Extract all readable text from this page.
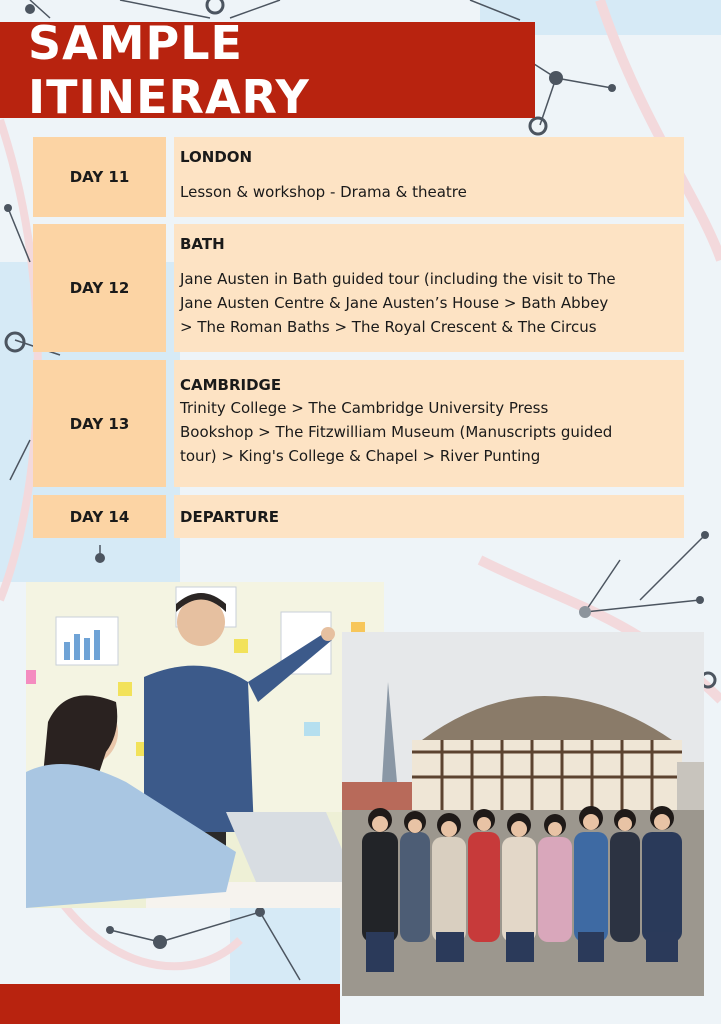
SAMPLE ITINERARY
DAY 11
LONDON
Lesson & workshop - Drama & theatre
DAY 12
BATH
Jane Austen in Bath guided tour (including the visit to The
Jane Austen Centre & Jane Austen’s House > Bath Abbey
> The Roman Baths > The Royal Crescent & The Circus
DAY 13
CAMBRIDGE
Trinity College > The Cambridge University Press
Bookshop > The Fitzwilliam Museum (Manuscripts guided
tour) > King's College & Chapel > River Punting
DAY 14	DEPARTURE
